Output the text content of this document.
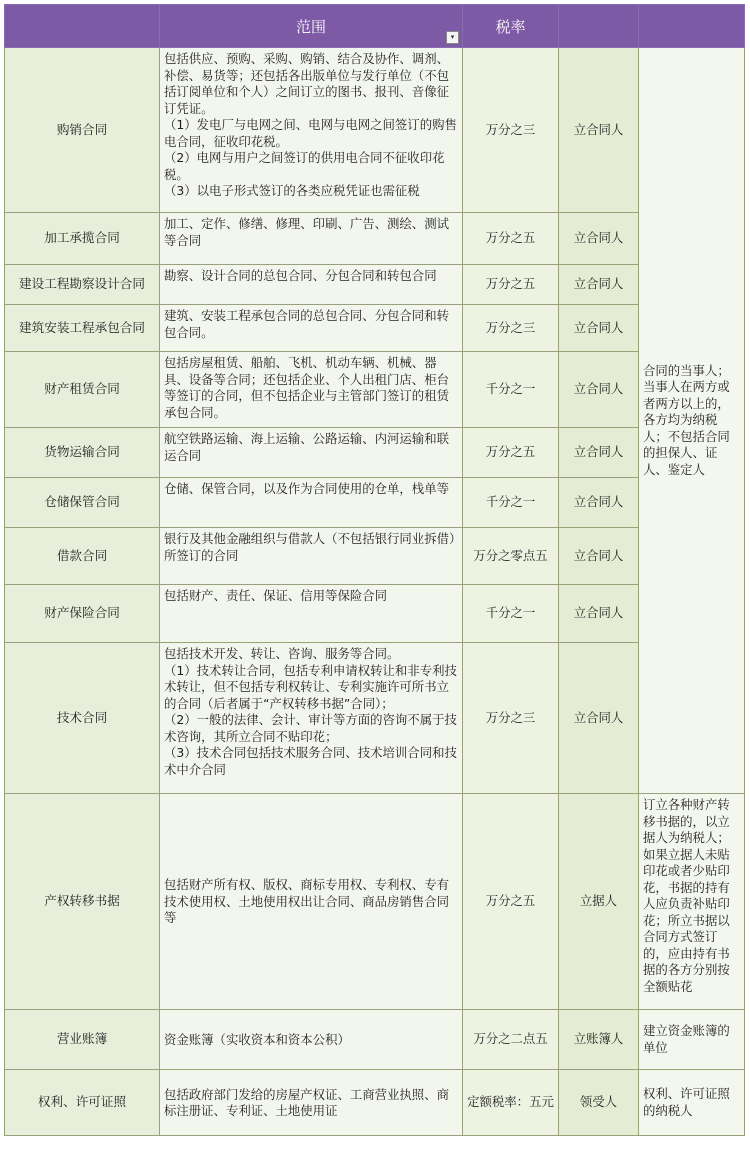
	范围
▾	税率		
购销合同	包括供应、预购、采购、购销、结合及协作、调剂、补偿、易货等；还包括各出版单位与发行单位（不包括订阅单位和个人）之间订立的图书、报刊、音像征订凭证。
（1）发电厂与电网之间、电网与电网之间签订的购售电合同，征收印花税。
（2）电网与用户之间签订的供用电合同不征收印花税。
（3）以电子形式签订的各类应税凭证也需征税	万分之三	立合同人	合同的当事人；当事人在两方或者两方以上的，各方均为纳税人；不包括合同的担保人、证人、鉴定人
加工承揽合同	加工、定作、修缮、修理、印刷、广告、测绘、测试等合同	万分之五	立合同人	
建设工程勘察设计合同	勘察、设计合同的总包合同、分包合同和转包合同	万分之五	立合同人	
建筑安装工程承包合同	建筑、安装工程承包合同的总包合同、分包合同和转包合同。	万分之三	立合同人	
财产租赁合同	包括房屋租赁、船舶、飞机、机动车辆、机械、器具、设备等合同；还包括企业、个人出租门店、柜台等签订的合同，但不包括企业与主管部门签订的租赁承包合同。	千分之一	立合同人	
货物运输合同	航空铁路运输、海上运输、公路运输、内河运输和联运合同	万分之五	立合同人	
仓储保管合同	仓储、保管合同，以及作为合同使用的仓单，栈单等	千分之一	立合同人	
借款合同	银行及其他金融组织与借款人（不包括银行同业拆借）所签订的合同	万分之零点五	立合同人	
财产保险合同	包括财产、责任、保证、信用等保险合同	千分之一	立合同人	
技术合同	包括技术开发、转让、咨询、服务等合同。
（1）技术转让合同，包括专利申请权转让和非专利技术转让，但不包括专利权转让、专利实施许可所书立的合同（后者属于“产权转移书据”合同）；
（2）一般的法律、会计、审计等方面的咨询不属于技术咨询，其所立合同不贴印花；
（3）技术合同包括技术服务合同、技术培训合同和技术中介合同	万分之三	立合同人	
产权转移书据	包括财产所有权、版权、商标专用权、专利权、专有技术使用权、土地使用权出让合同、商品房销售合同等	万分之五	立据人	订立各种财产转移书据的，以立据人为纳税人；如果立据人未贴印花或者少贴印花，书据的持有人应负责补贴印花；所立书据以合同方式签订的，应由持有书据的各方分别按全额贴花
营业账簿	资金账簿（实收资本和资本公积）	万分之二点五	立账簿人	建立资金账簿的单位
权利、许可证照	包括政府部门发给的房屋产权证、工商营业执照、商标注册证、专利证、土地使用证	定额税率：五元	领受人	权利、许可证照的纳税人
